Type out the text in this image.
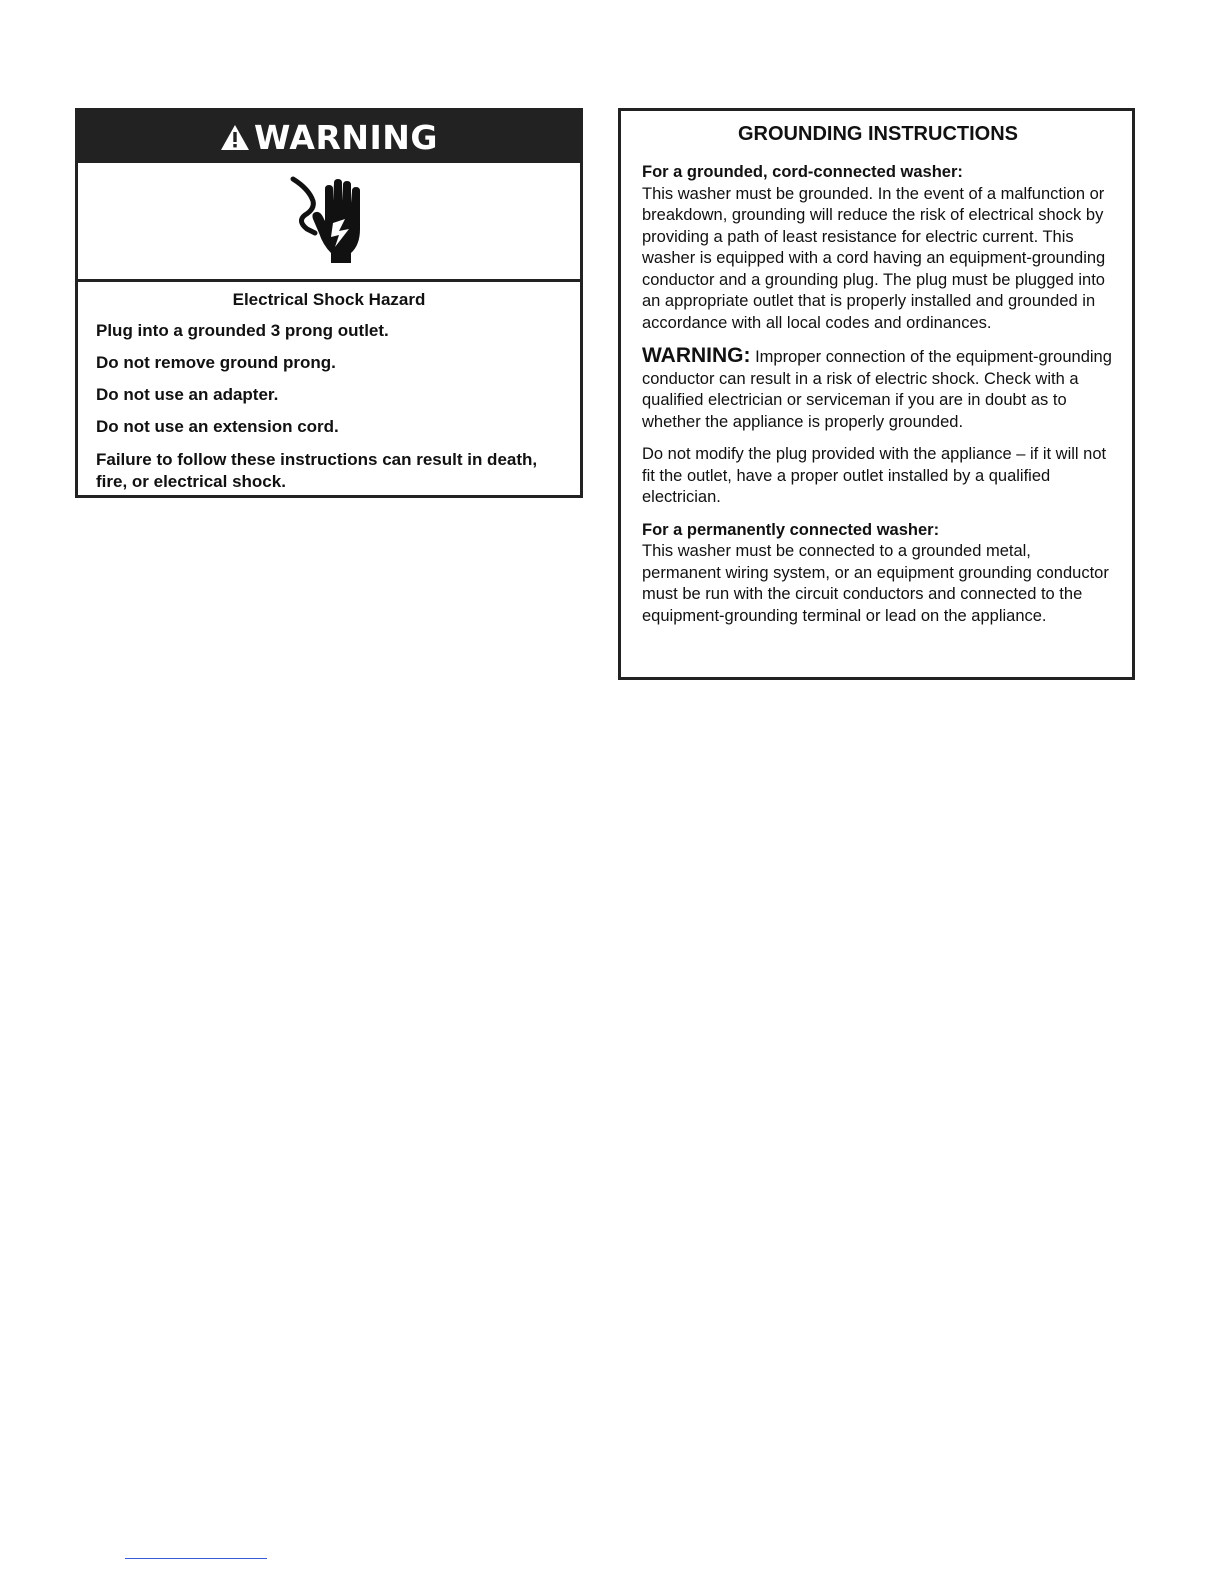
WARNING
Electrical Shock Hazard

Plug into a grounded 3 prong outlet.

Do not remove ground prong.

Do not use an adapter.

Do not use an extension cord.

Failure to follow these instructions can result in death, fire, or electrical shock.

GROUNDING INSTRUCTIONS

For a grounded, cord-connected washer:
This washer must be grounded. In the event of a malfunction or breakdown, grounding will reduce the risk of electrical shock by providing a path of least resistance for electric current. This washer is equipped with a cord having an equipment-grounding conductor and a grounding plug. The plug must be plugged into an appropriate outlet that is properly installed and grounded in accordance with all local codes and ordinances.

WARNING: Improper connection of the equipment-grounding conductor can result in a risk of electric shock. Check with a qualified electrician or serviceman if you are in doubt as to whether the appliance is properly grounded.

Do not modify the plug provided with the appliance – if it will not fit the outlet, have a proper outlet installed by a qualified electrician.

For a permanently connected washer:
This washer must be connected to a grounded metal, permanent wiring system, or an equipment grounding conductor must be run with the circuit conductors and connected to the equipment-grounding terminal or lead on the appliance.
